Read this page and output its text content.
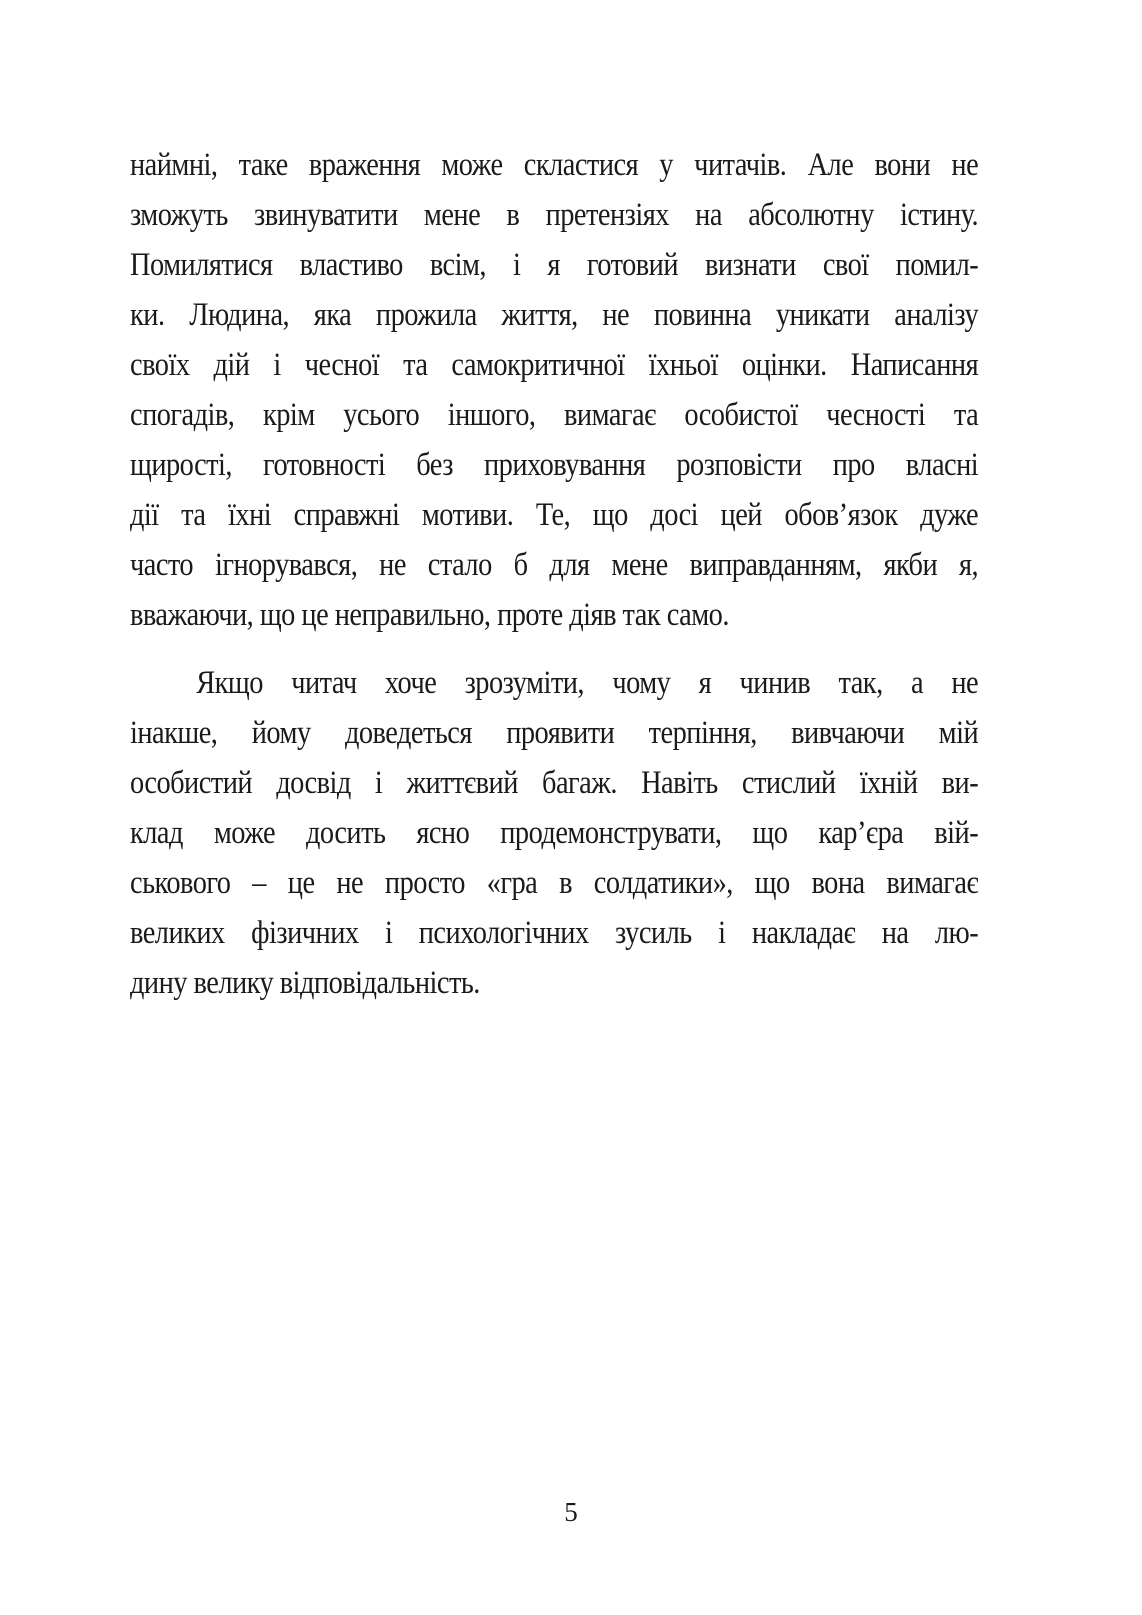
наймні, таке враження може скластися у читачів. Але вони не
зможуть звинуватити мене в претензіях на абсолютну істину.
Помилятися властиво всім, і я готовий визнати свої помил-
ки. Людина, яка прожила життя, не повинна уникати аналізу
своїх дій і чесної та самокритичної їхньої оцінки. Написання
спогадів, крім усього іншого, вимагає особистої чесності та
щирості, готовності без приховування розповісти про власні
дії та їхні справжні мотиви. Те, що досі цей обов’язок дуже
часто ігнорувався, не стало б для мене виправданням, якби я,
вважаючи, що це неправильно, проте діяв так само.
Якщо читач хоче зрозуміти, чому я чинив так, а не
інакше, йому доведеться проявити терпіння, вивчаючи мій
особистий досвід і життєвий багаж. Навіть стислий їхній ви-
клад може досить ясно продемонструвати, що кар’єра вій-
ськового – це не просто «гра в солдатики», що вона вимагає
великих фізичних і психологічних зусиль і накладає на лю-
дину велику відповідальність.
5
